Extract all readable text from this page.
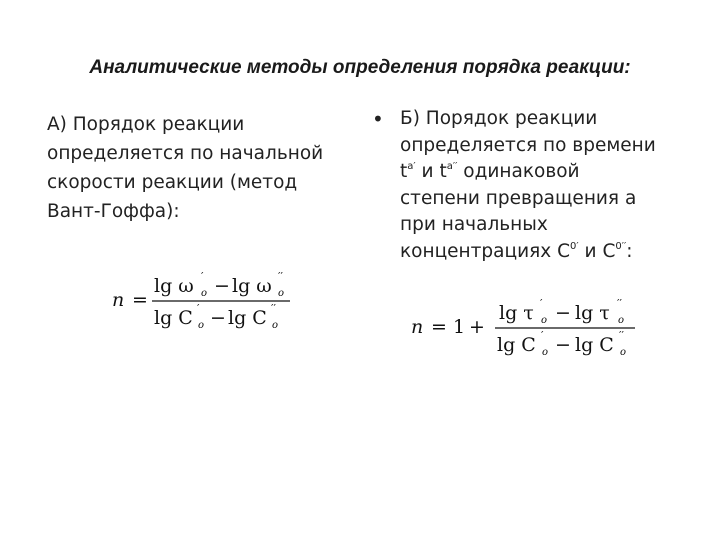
Аналитические методы определения порядка реакции:
А) Порядок реакции
определяется по начальной
скорости реакции (метод
Вант-Гоффа):
• Б) Порядок реакции
определяется по времени
$t^{a'}$ и $t^{a''}$ одинаковой
степени превращения a
при начальных
концентрациях $C^{0'}$ и $C^{0''}$:
n =
lg ω ′
o − lg ω ′′
o
lg C ′
o − lg C ′′
o	n = 1 +
lg τ ′
o − lg τ ′′
o
lg C ′
o − lg C ′′
o
